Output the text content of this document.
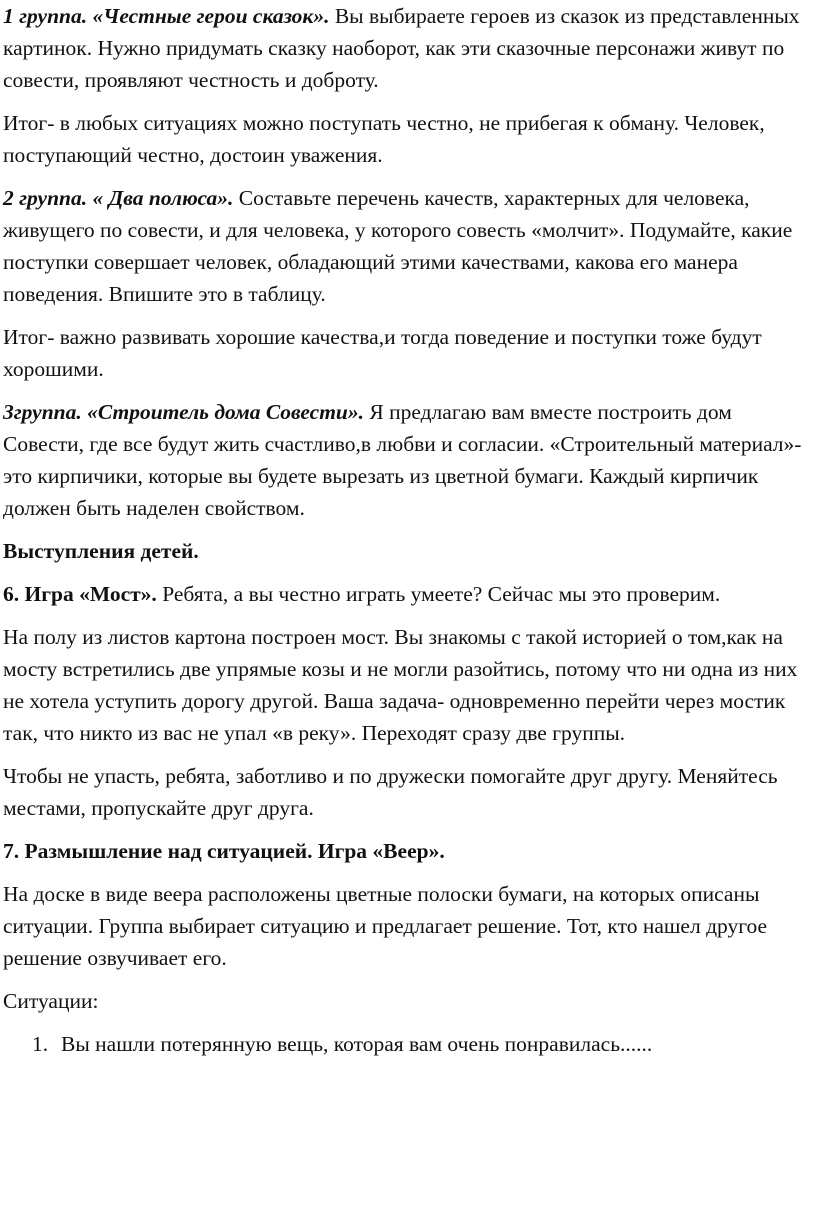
1 группа. «Честные герои сказок». Вы выбираете героев из сказок из представленных картинок. Нужно придумать сказку наоборот, как эти сказочные персонажи живут по совести, проявляют честность и доброту.

Итог- в любых ситуациях можно поступать честно, не прибегая к обману. Человек, поступающий честно, достоин уважения.

2 группа. « Два полюса». Составьте перечень качеств, характерных для человека, живущего по совести, и для человека, у которого совесть «молчит». Подумайте, какие поступки совершает человек, обладающий этими качествами, какова его манера поведения. Впишите это в таблицу.

Итог- важно развивать хорошие качества,и тогда поведение и поступки тоже будут хорошими.

3группа. «Строитель дома Совести». Я предлагаю вам вместе построить дом Совести, где все будут жить счастливо,в любви и согласии. «Строительный материал»- это кирпичики, которые вы будете вырезать из цветной бумаги. Каждый кирпичик должен быть наделен свойством.

Выступления детей.

6. Игра «Мост». Ребята, а вы честно играть умеете? Сейчас мы это проверим.

На полу из листов картона построен мост. Вы знакомы с такой историей о том,как на мосту встретились две упрямые козы и не могли разойтись, потому что ни одна из них не хотела уступить дорогу другой. Ваша задача- одновременно перейти через мостик так, что никто из вас не упал «в реку». Переходят сразу две группы.

Чтобы не упасть, ребята, заботливо и по дружески помогайте друг другу. Меняйтесь местами, пропускайте друг друга.

7. Размышление над ситуацией. Игра «Веер».

На доске в виде веера расположены цветные полоски бумаги, на которых описаны ситуации. Группа выбирает ситуацию и предлагает решение. Тот, кто нашел другое решение озвучивает его.

Ситуации:

1. Вы нашли потерянную вещь, которая вам очень понравилась......
